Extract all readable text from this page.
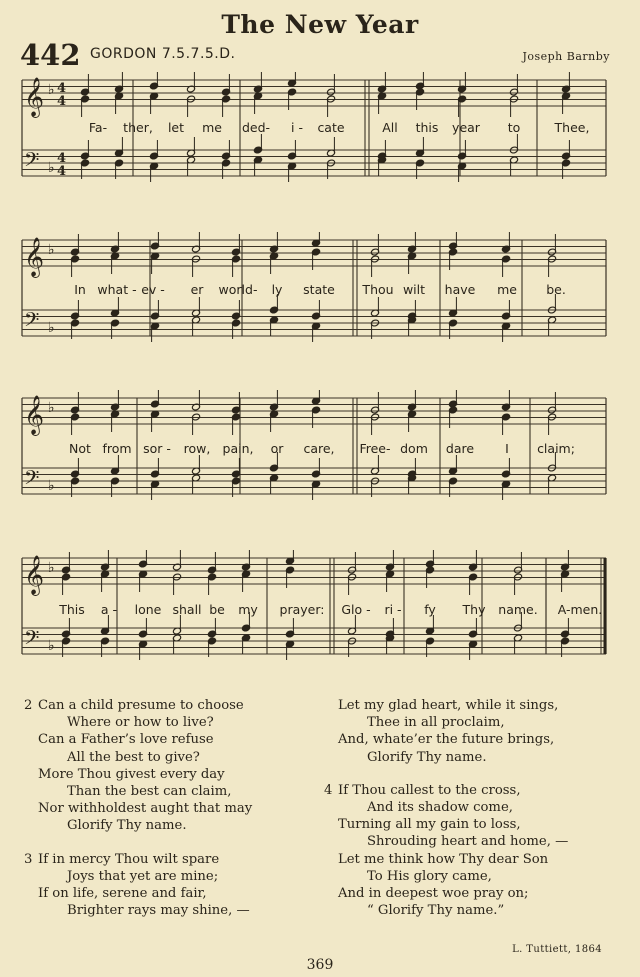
The New Year
442 GORDON 7.5.7.5.D.	Joseph Barnby
𝄞
𝄢
♭
♭
4
4
4
4
Fa- ther, let me ded- i - cate	All this year to	Thee,
𝄞
𝄢
♭
♭
In what - ev - er world- ly state Thou wilt have me be.
𝄞
𝄢
♭
♭
Not from sor - row, pain, or care, Free- dom dare I claim;
𝄞
𝄢
♭
♭
This a - lone shall be my prayer: Glo - ri - fy Thy name. A-men.
2 Can a child presume to choose
Where or how to live?
Can a Father’s love refuse
All the best to give?
More Thou givest every day
Than the best can claim,
Nor withholdest aught that may
Glorify Thy name.
3 If in mercy Thou wilt spare
Joys that yet are mine;
If on life, serene and fair,
Brighter rays may shine, —
Let my glad heart, while it sings,
Thee in all proclaim,
And, whate’er the future brings,
Glorify Thy name.
4 If Thou callest to the cross,
And its shadow come,
Turning all my gain to loss,
Shrouding heart and home, —
Let me think how Thy dear Son
To His glory came,
And in deepest woe pray on;
“ Glorify Thy name.”
L. Tuttiett, 1864
369
